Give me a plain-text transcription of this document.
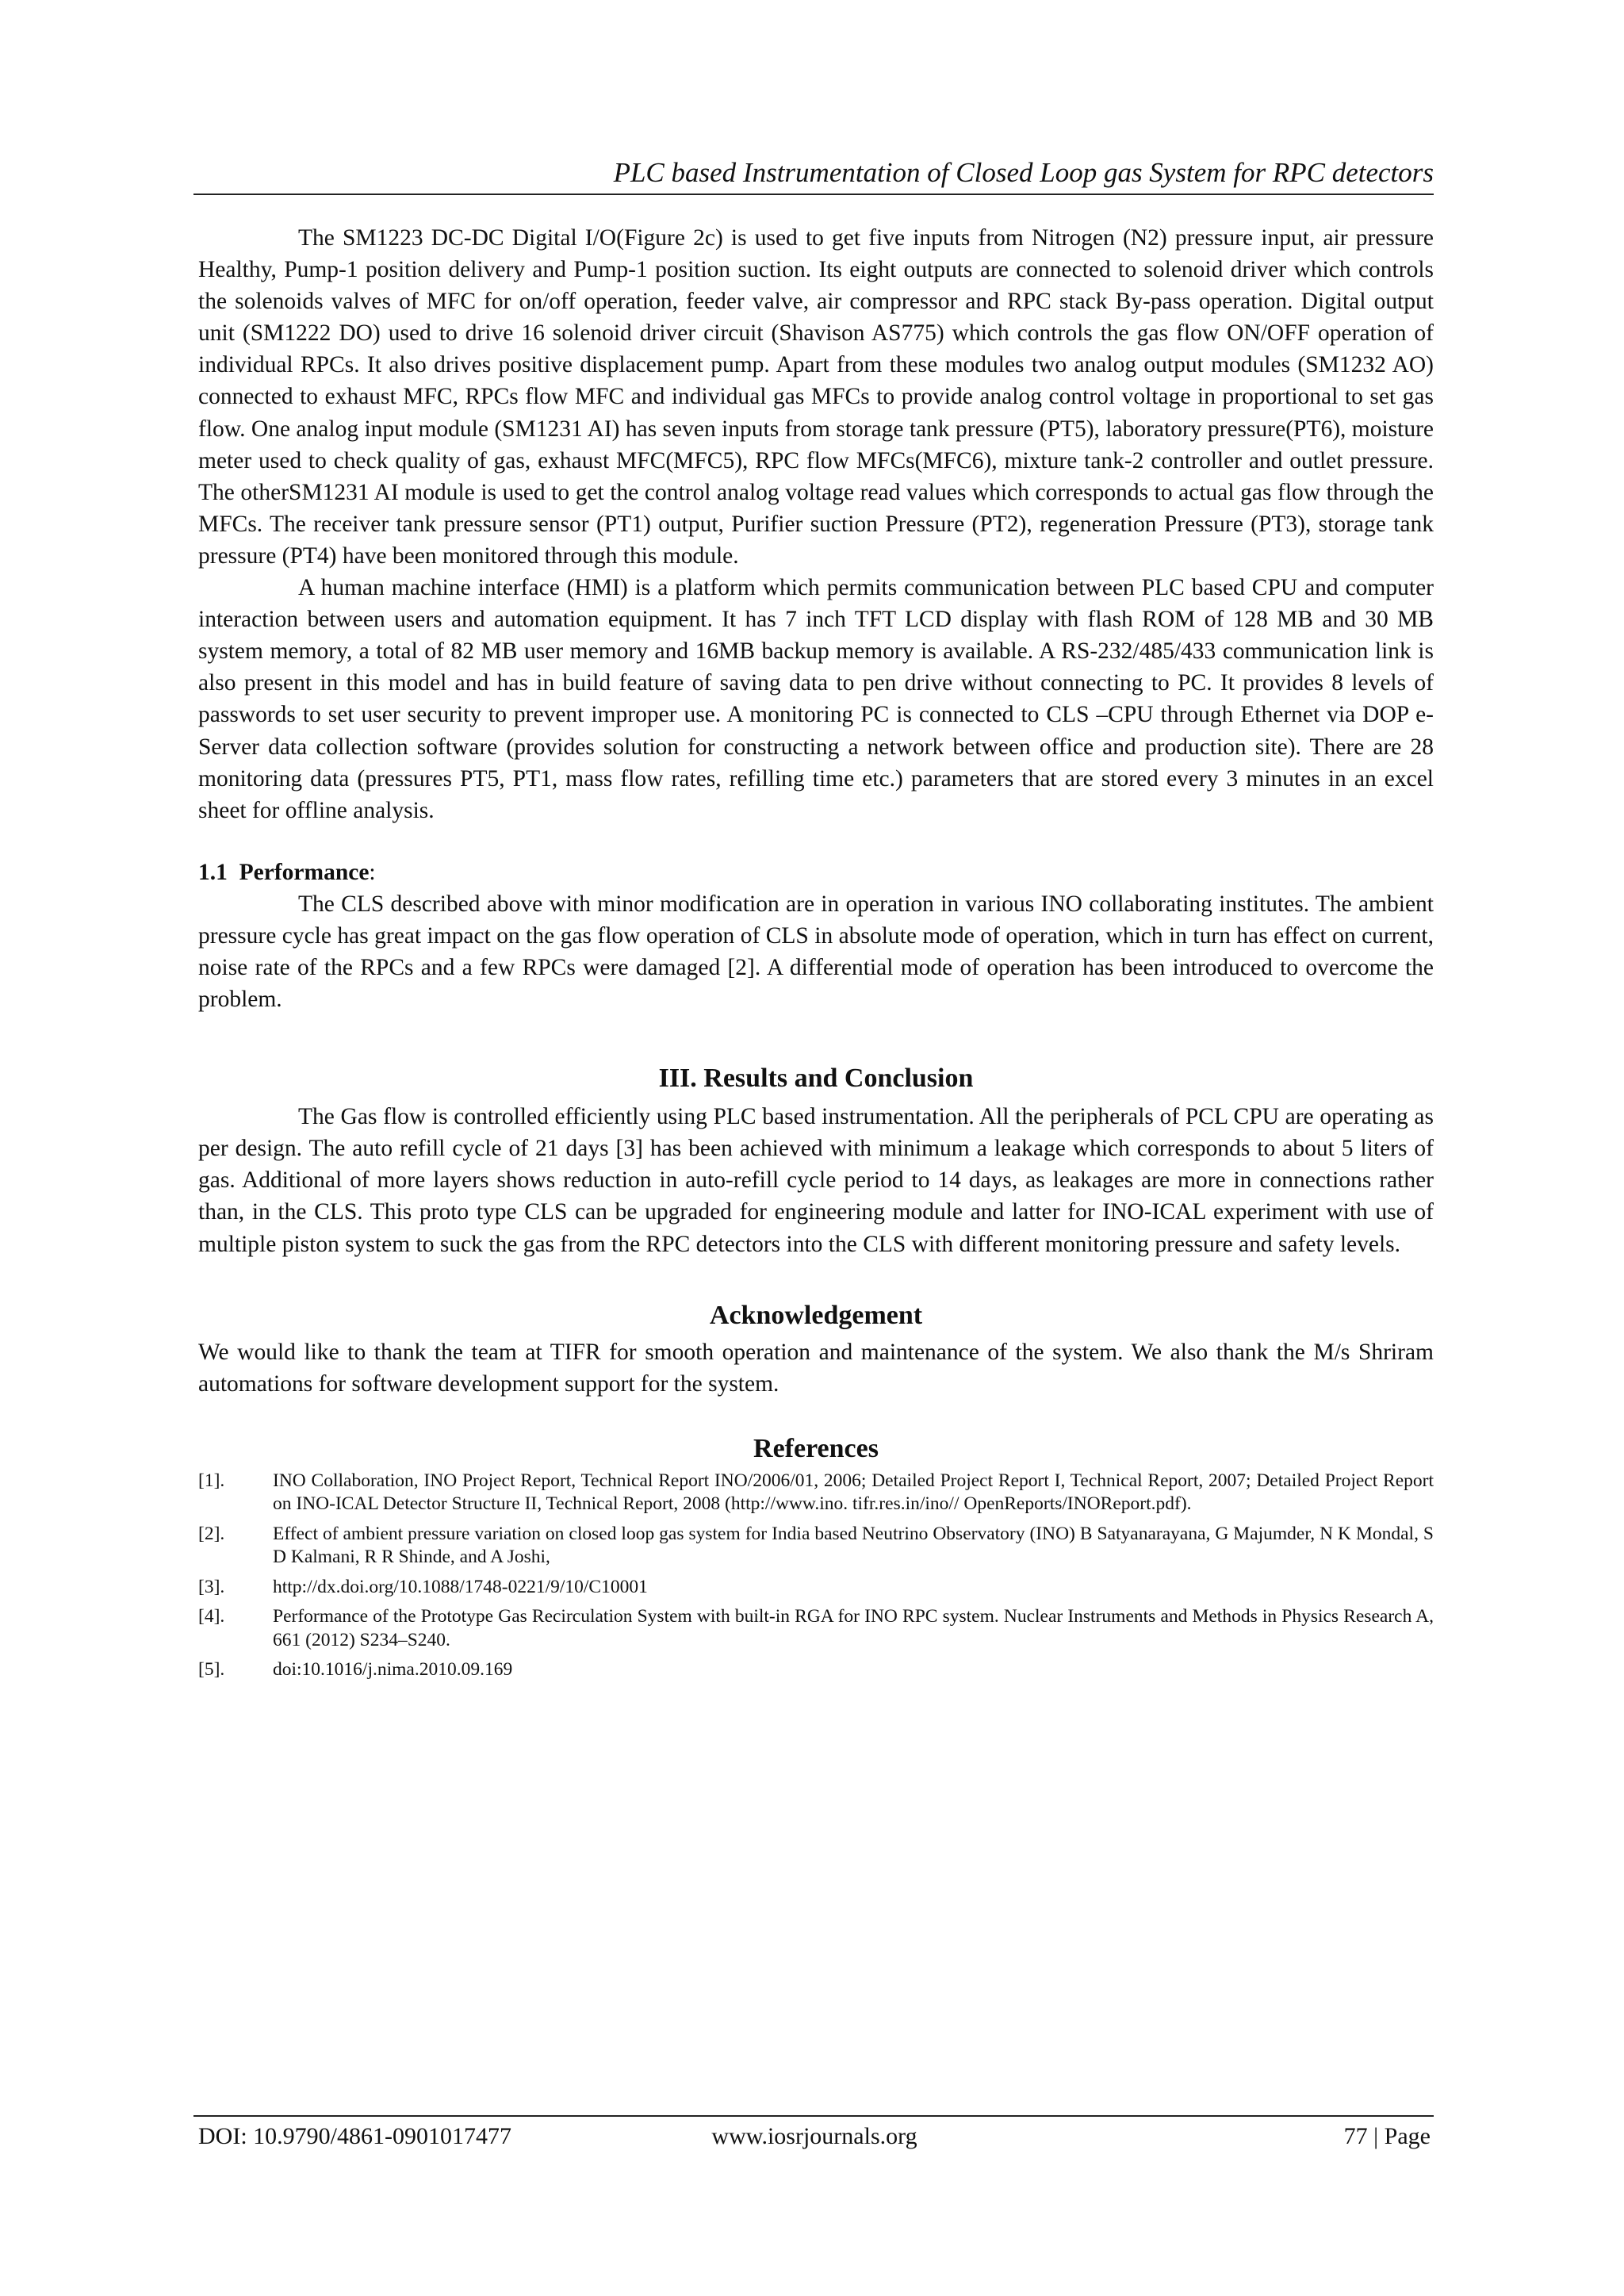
PLC based Instrumentation of Closed Loop gas System for RPC detectors

The SM1223 DC-DC Digital I/O(Figure 2c) is used to get five inputs from Nitrogen (N2) pressure input, air pressure Healthy, Pump-1 position delivery and Pump-1 position suction. Its eight outputs are connected to solenoid driver which controls the solenoids valves of MFC for on/off operation, feeder valve, air compressor and RPC stack By-pass operation. Digital output unit (SM1222 DO) used to drive 16 solenoid driver circuit (Shavison AS775) which controls the gas flow ON/OFF operation of individual RPCs. It also drives positive displacement pump. Apart from these modules two analog output modules (SM1232 AO) connected to exhaust MFC, RPCs flow MFC and individual gas MFCs to provide analog control voltage in proportional to set gas flow. One analog input module (SM1231 AI) has seven inputs from storage tank pressure (PT5), laboratory pressure(PT6), moisture meter used to check quality of gas, exhaust MFC(MFC5), RPC flow MFCs(MFC6), mixture tank-2 controller and outlet pressure. The otherSM1231 AI module is used to get the control analog voltage read values which corresponds to actual gas flow through the MFCs. The receiver tank pressure sensor (PT1) output, Purifier suction Pressure (PT2), regeneration Pressure (PT3), storage tank pressure (PT4) have been monitored through this module.

A human machine interface (HMI) is a platform which permits communication between PLC based CPU and computer interaction between users and automation equipment. It has 7 inch TFT LCD display with flash ROM of 128 MB and 30 MB system memory, a total of 82 MB user memory and 16MB backup memory is available. A RS-232/485/433 communication link is also present in this model and has in build feature of saving data to pen drive without connecting to PC. It provides 8 levels of passwords to set user security to prevent improper use. A monitoring PC is connected to CLS –CPU through Ethernet via DOP e-Server data collection software (provides solution for constructing a network between office and production site). There are 28 monitoring data (pressures PT5, PT1, mass flow rates, refilling time etc.) parameters that are stored every 3 minutes in an excel sheet for offline analysis.

1.1 Performance:

The CLS described above with minor modification are in operation in various INO collaborating institutes. The ambient pressure cycle has great impact on the gas flow operation of CLS in absolute mode of operation, which in turn has effect on current, noise rate of the RPCs and a few RPCs were damaged [2]. A differential mode of operation has been introduced to overcome the problem.

III. Results and Conclusion

The Gas flow is controlled efficiently using PLC based instrumentation. All the peripherals of PCL CPU are operating as per design. The auto refill cycle of 21 days [3] has been achieved with minimum a leakage which corresponds to about 5 liters of gas. Additional of more layers shows reduction in auto-refill cycle period to 14 days, as leakages are more in connections rather than, in the CLS. This proto type CLS can be upgraded for engineering module and latter for INO-ICAL experiment with use of multiple piston system to suck the gas from the RPC detectors into the CLS with different monitoring pressure and safety levels.

Acknowledgement

We would like to thank the team at TIFR for smooth operation and maintenance of the system. We also thank the M/s Shriram automations for software development support for the system.

References
[1].	INO Collaboration, INO Project Report, Technical Report INO/2006/01, 2006; Detailed Project Report I, Technical Report, 2007; Detailed Project Report on INO-ICAL Detector Structure II, Technical Report, 2008 (http://www.ino. tifr.res.in/ino// OpenReports/INOReport.pdf).
[2].	Effect of ambient pressure variation on closed loop gas system for India based Neutrino Observatory (INO) B Satyanarayana, G Majumder, N K Mondal, S D Kalmani, R R Shinde, and A Joshi,
[3].	http://dx.doi.org/10.1088/1748-0221/9/10/C10001
[4].	Performance of the Prototype Gas Recirculation System with built-in RGA for INO RPC system. Nuclear Instruments and Methods in Physics Research A, 661 (2012) S234–S240.
[5].	doi:10.1016/j.nima.2010.09.169
www.iosrjournals.org
DOI: 10.9790/4861-0901017477	77 | Page
